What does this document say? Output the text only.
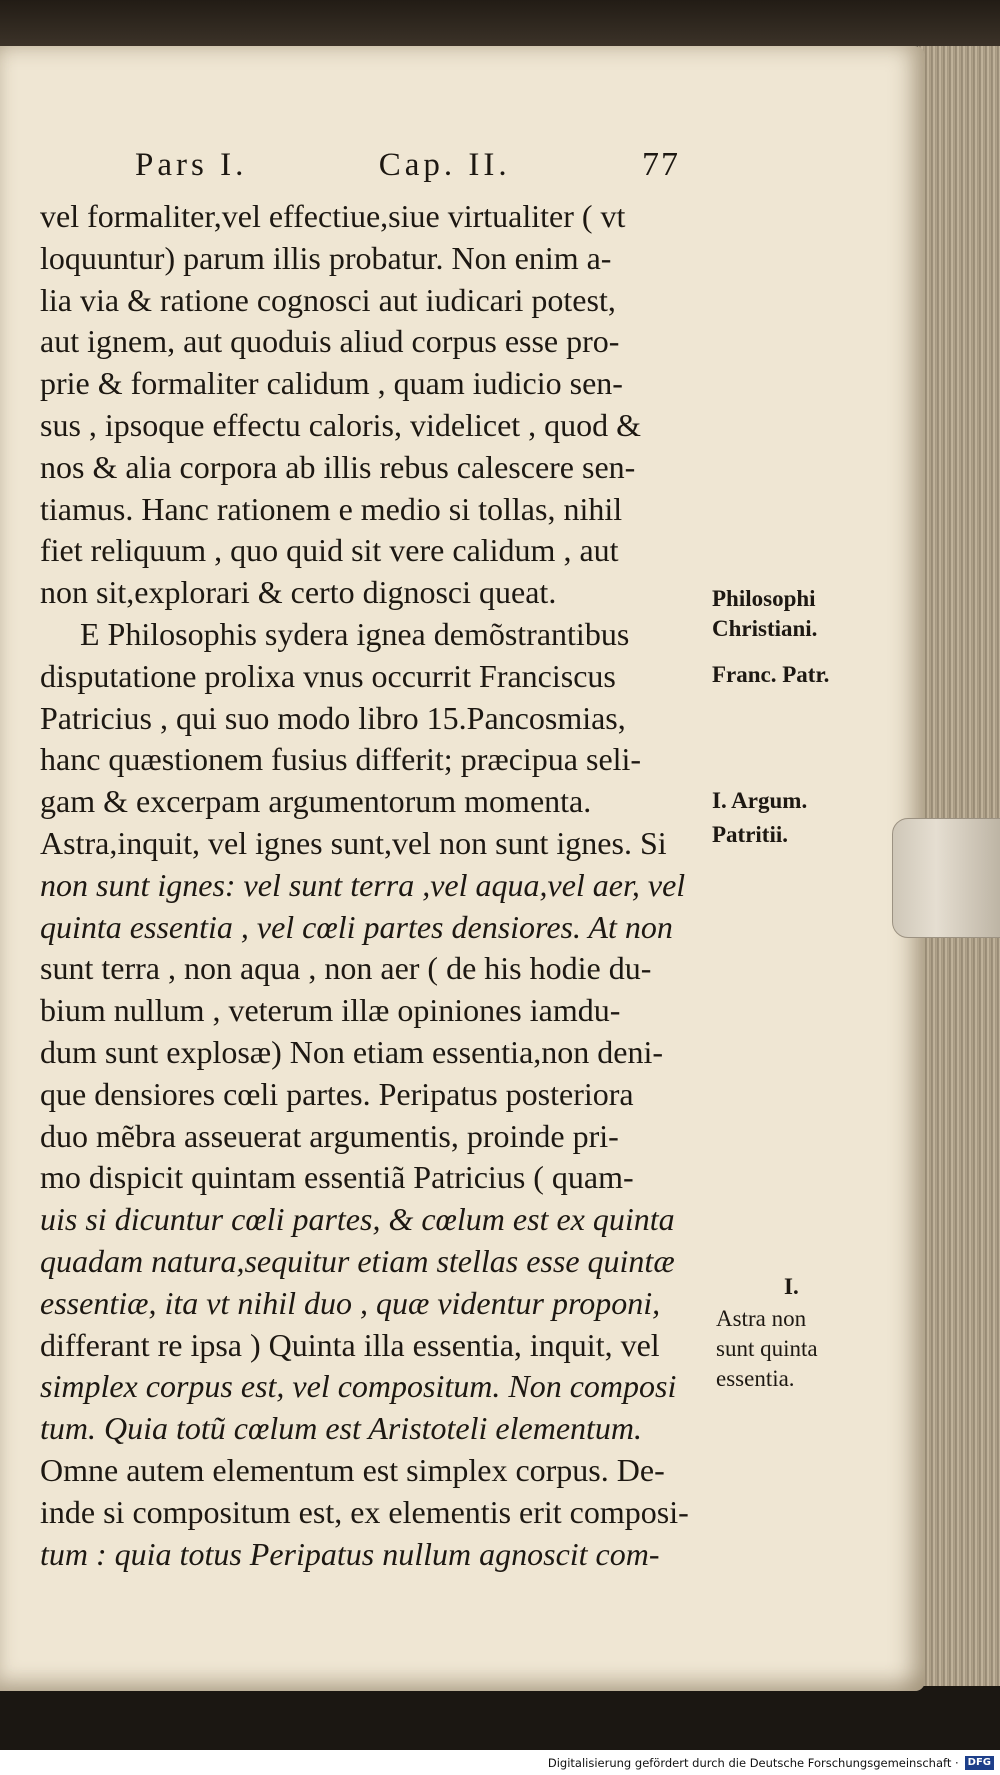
Pars I.	Cap. II.	77
vel formaliter,vel effectiue,siue virtualiter ( vt
loquuntur) parum illis probatur. Non enim a-
lia via & ratione cognosci aut iudicari potest,
aut ignem, aut quoduis aliud corpus esse pro-
prie & formaliter calidum , quam iudicio sen-
sus , ipsoque effectu caloris, videlicet , quod &
nos & alia corpora ab illis rebus calescere sen-
tiamus. Hanc rationem e medio si tollas, nihil
fiet reliquum , quo quid sit vere calidum , aut
non sit,explorari & certo dignosci queat.
E Philosophis sydera ignea demõstrantibus
disputatione prolixa vnus occurrit Franciscus
Patricius , qui suo modo libro 15.Pancosmias,
hanc quæstionem fusius differit; præcipua seli-
gam & excerpam argumentorum momenta.
Astra,inquit, vel ignes sunt,vel non sunt ignes. Si
non sunt ignes: vel sunt terra ,vel aqua,vel aer, vel
quinta essentia , vel cœli partes densiores. At non
sunt terra , non aqua , non aer ( de his hodie du-
bium nullum , veterum illæ opiniones iamdu-
dum sunt explosæ) Non etiam essentia,non deni-
que densiores cœli partes. Peripatus posteriora
duo mẽbra asseuerat argumentis, proinde pri-
mo dispicit quintam essentiã Patricius ( quam-
uis si dicuntur cœli partes, & cœlum est ex quinta
quadam natura,sequitur etiam stellas esse quintæ
essentiæ, ita vt nihil duo , quæ videntur proponi,
differant re ipsa ) Quinta illa essentia, inquit, vel
simplex corpus est, vel compositum. Non composi
tum. Quia totũ cœlum est Aristoteli elementum.
Omne autem elementum est simplex corpus. De-
inde si compositum est, ex elementis erit composi-
tum : quia totus Peripatus nullum agnoscit com-
Philosophi
Christiani.
Franc. Patr.
I. Argum.
Patritii.
I.
Astra non
sunt quinta
essentia.
Digitalisierung gefördert durch die Deutsche Forschungsgemeinschaft · DFG
